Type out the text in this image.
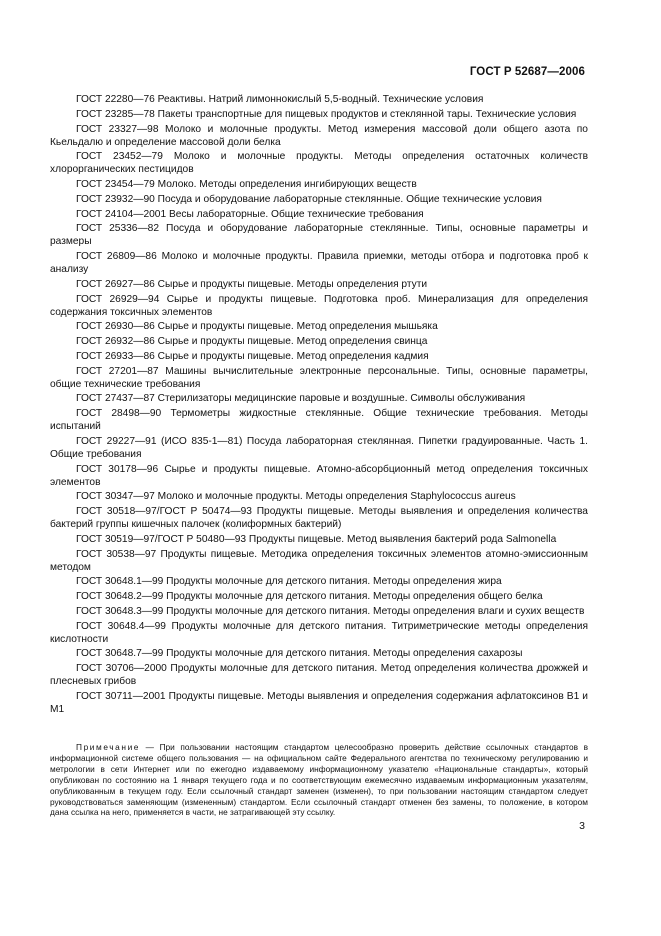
ГОСТ Р 52687—2006

ГОСТ 22280—76 Реактивы. Натрий лимоннокислый 5,5-водный. Технические условия

ГОСТ 23285—78 Пакеты транспортные для пищевых продуктов и стеклянной тары. Технические условия

ГОСТ 23327—98 Молоко и молочные продукты. Метод измерения массовой доли общего азота по Кьельдалю и определение массовой доли белка

ГОСТ 23452—79 Молоко и молочные продукты. Методы определения остаточных количеств хлорорганических пестицидов

ГОСТ 23454—79 Молоко. Методы определения ингибирующих веществ

ГОСТ 23932—90 Посуда и оборудование лабораторные стеклянные. Общие технические условия

ГОСТ 24104—2001 Весы лабораторные. Общие технические требования

ГОСТ 25336—82 Посуда и оборудование лабораторные стеклянные. Типы, основные параметры и размеры

ГОСТ 26809—86 Молоко и молочные продукты. Правила приемки, методы отбора и подготовка проб к анализу

ГОСТ 26927—86 Сырье и продукты пищевые. Методы определения ртути

ГОСТ 26929—94 Сырье и продукты пищевые. Подготовка проб. Минерализация для определения содержания токсичных элементов

ГОСТ 26930—86 Сырье и продукты пищевые. Метод определения мышьяка

ГОСТ 26932—86 Сырье и продукты пищевые. Метод определения свинца

ГОСТ 26933—86 Сырье и продукты пищевые. Метод определения кадмия

ГОСТ 27201—87 Машины вычислительные электронные персональные. Типы, основные параметры, общие технические требования

ГОСТ 27437—87 Стерилизаторы медицинские паровые и воздушные. Символы обслуживания

ГОСТ 28498—90 Термометры жидкостные стеклянные. Общие технические требования. Методы испытаний

ГОСТ 29227—91 (ИСО 835-1—81) Посуда лабораторная стеклянная. Пипетки градуированные. Часть 1. Общие требования

ГОСТ 30178—96 Сырье и продукты пищевые. Атомно-абсорбционный метод определения токсичных элементов

ГОСТ 30347—97 Молоко и молочные продукты. Методы определения Staphylococcus aureus

ГОСТ 30518—97/ГОСТ Р 50474—93 Продукты пищевые. Методы выявления и определения количества бактерий группы кишечных палочек (колиформных бактерий)

ГОСТ 30519—97/ГОСТ Р 50480—93 Продукты пищевые. Метод выявления бактерий рода Salmonella

ГОСТ 30538—97 Продукты пищевые. Методика определения токсичных элементов атомно-эмиссионным методом

ГОСТ 30648.1—99 Продукты молочные для детского питания. Методы определения жира

ГОСТ 30648.2—99 Продукты молочные для детского питания. Методы определения общего белка

ГОСТ 30648.3—99 Продукты молочные для детского питания. Методы определения влаги и сухих веществ

ГОСТ 30648.4—99 Продукты молочные для детского питания. Титриметрические методы определения кислотности

ГОСТ 30648.7—99 Продукты молочные для детского питания. Методы определения сахарозы

ГОСТ 30706—2000 Продукты молочные для детского питания. Метод определения количества дрожжей и плесневых грибов

ГОСТ 30711—2001 Продукты пищевые. Методы выявления и определения содержания афлатоксинов В1 и М1

Примечание — При пользовании настоящим стандартом целесообразно проверить действие ссылочных стандартов в информационной системе общего пользования — на официальном сайте Федерального агентства по техническому регулированию и метрологии в сети Интернет или по ежегодно издаваемому информационному указателю «Национальные стандарты», который опубликован по состоянию на 1 января текущего года и по соответствующим ежемесячно издаваемым информационным указателям, опубликованным в текущем году. Если ссылочный стандарт заменен (изменен), то при пользовании настоящим стандартом следует руководствоваться заменяющим (измененным) стандартом. Если ссылочный стандарт отменен без замены, то положение, в котором дана ссылка на него, применяется в части, не затрагивающей эту ссылку.

3
